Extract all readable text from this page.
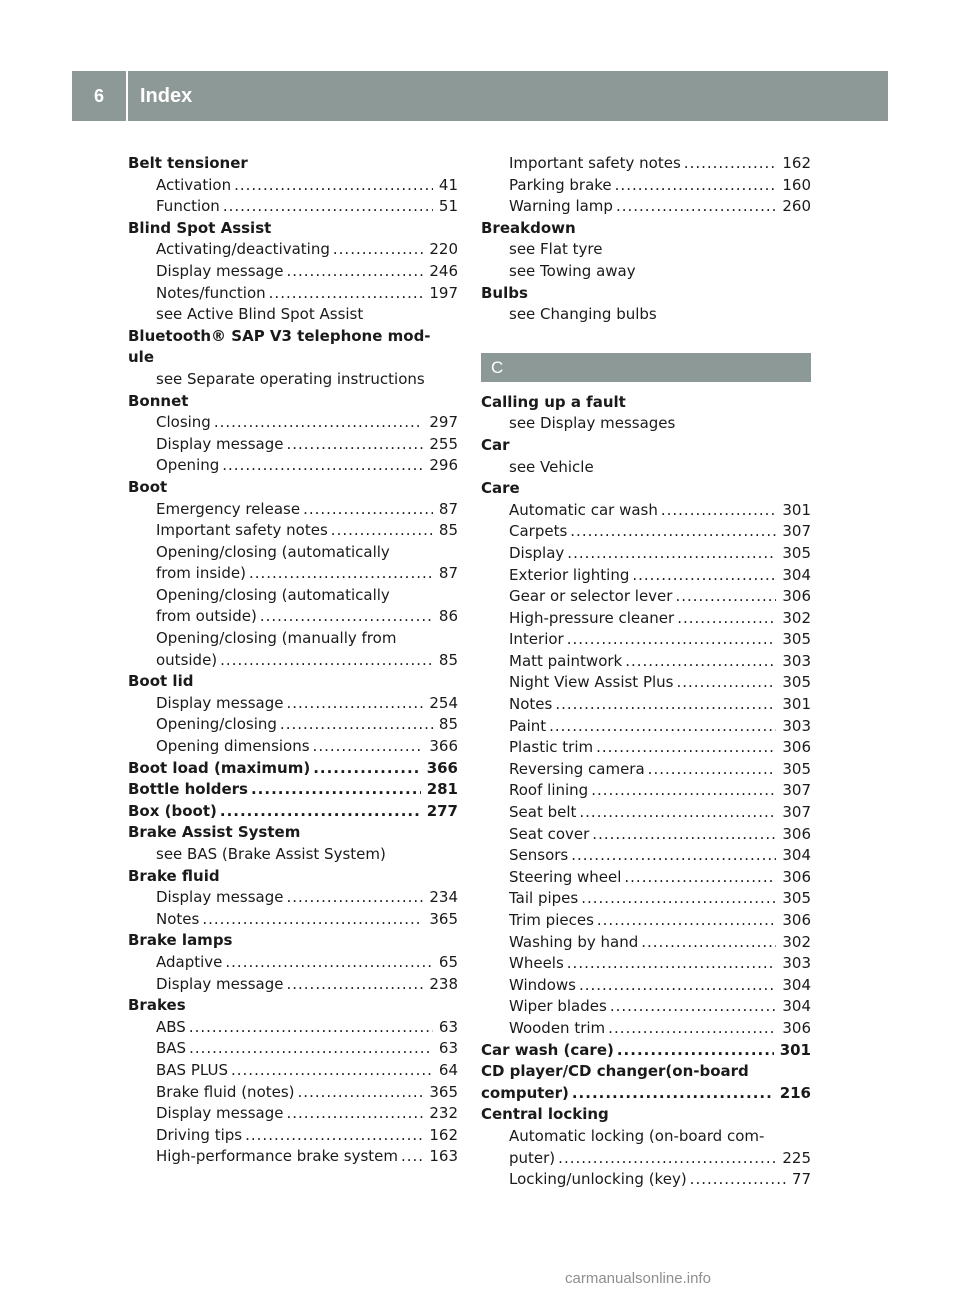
6	Index
Belt tensioner
Activation .....	41
Function .....	51
Blind Spot Assist
Activating/deactivating .....	220
Display message .....	246
Notes/function .....	197
see Active Blind Spot Assist
Bluetooth® SAP V3 telephone mod-
ule
see Separate operating instructions
Bonnet
Closing .....	297
Display message .....	255
Opening .....	296
Boot
Emergency release .....	87
Important safety notes .....	85
Opening/closing (automatically
from inside) .....	87
Opening/closing (automatically
from outside) .....	86
Opening/closing (manually from
outside) .....	85
Boot lid
Display message .....	254
Opening/closing .....	85
Opening dimensions .....	366
Boot load (maximum) .....	366
Bottle holders .....	281
Box (boot) .....	277
Brake Assist System
see BAS (Brake Assist System)
Brake fluid
Display message .....	234
Notes .....	365
Brake lamps
Adaptive .....	65
Display message .....	238
Brakes
ABS .....	63
BAS .....	63
BAS PLUS .....	64
Brake fluid (notes) .....	365
Display message .....	232
Driving tips .....	162
High-performance brake system ..... 163
Important safety notes .....	162
Parking brake .....	160
Warning lamp .....	260
Breakdown
see Flat tyre
see Towing away
Bulbs
see Changing bulbs
C
Calling up a fault
see Display messages
Car
see Vehicle
Care
Automatic car wash .....	301
Carpets .....	307
Display .....	305
Exterior lighting .....	304
Gear or selector lever .....	306
High-pressure cleaner .....	302
Interior .....	305
Matt paintwork .....	303
Night View Assist Plus .....	305
Notes .....	301
Paint .....	303
Plastic trim .....	306
Reversing camera .....	305
Roof lining .....	307
Seat belt .....	307
Seat cover .....	306
Sensors .....	304
Steering wheel .....	306
Tail pipes .....	305
Trim pieces .....	306
Washing by hand .....	302
Wheels .....	303
Windows .....	304
Wiper blades .....	304
Wooden trim .....	306
Car wash (care) .....	301
CD player/CD changer(on-board
computer) .....	216
Central locking
Automatic locking (on-board com-
puter) .....	225
Locking/unlocking (key) .....	77
carmanualsonline.info
